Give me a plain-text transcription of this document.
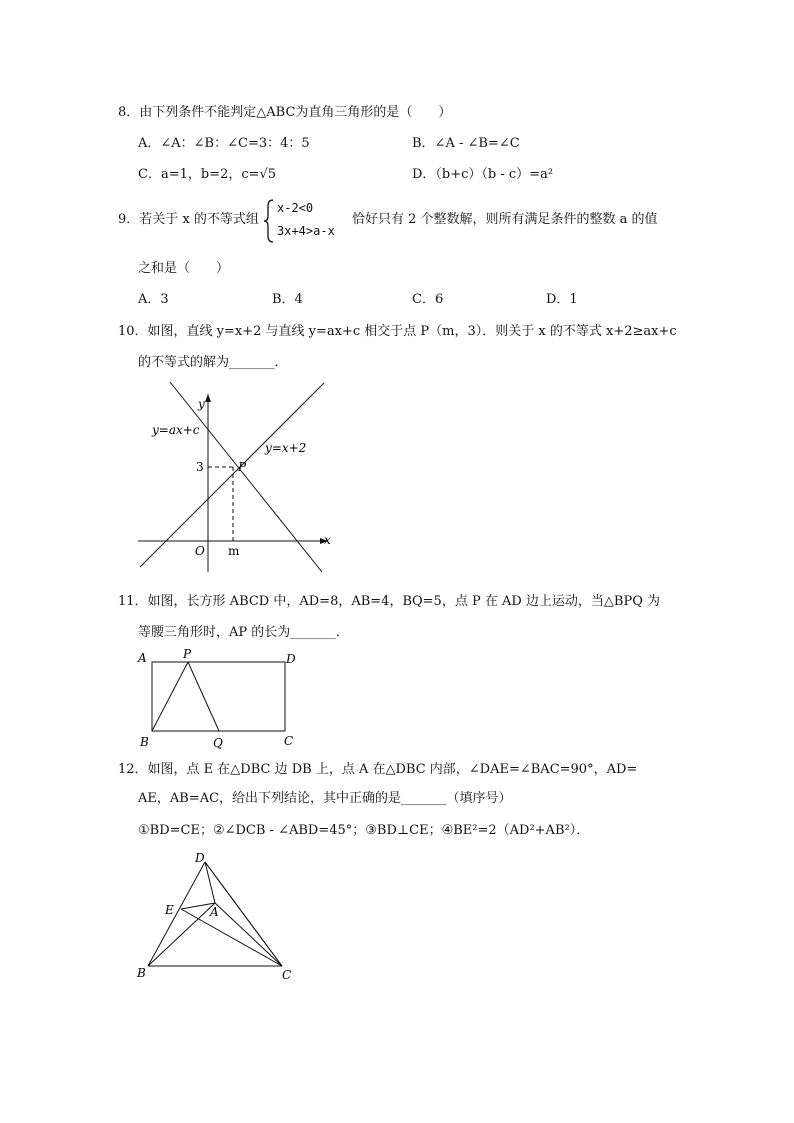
8．由下列条件不能判定△ABC为直角三角形的是（　　）
A．∠A：∠B：∠C=3：4：5	B．∠A - ∠B=∠C
C．a=1，b=2，c=√5	D．（b+c）（b - c）=a²
9．若关于 x 的不等式组
x-2<0
3x+4>a-x
恰好只有 2 个整数解，则所有满足条件的整数 a 的值
之和是（　　）
A．3	B．4	C．6	D．1
10．如图，直线 y=x+2 与直线 y=ax+c 相交于点 P（m，3）．则关于 x 的不等式 x+2≥ax+c
的不等式的解为_______．
y
x
O m
3	P
y=ax+c
y=x+2
11．如图，长方形 ABCD 中，AD=8，AB=4，BQ=5，点 P 在 AD 边上运动，当△BPQ 为
等腰三角形时，AP 的长为_______．
A	P	D
B	Q	C
12．如图，点 E 在△DBC 边 DB 上，点 A 在△DBC 内部，∠DAE=∠BAC=90°，AD=
AE，AB=AC，给出下列结论，其中正确的是_______（填序号）
①BD=CE；②∠DCB - ∠ABD=45°；③BD⊥CE；④BE²=2（AD²+AB²）．
D
E	A
B	C
